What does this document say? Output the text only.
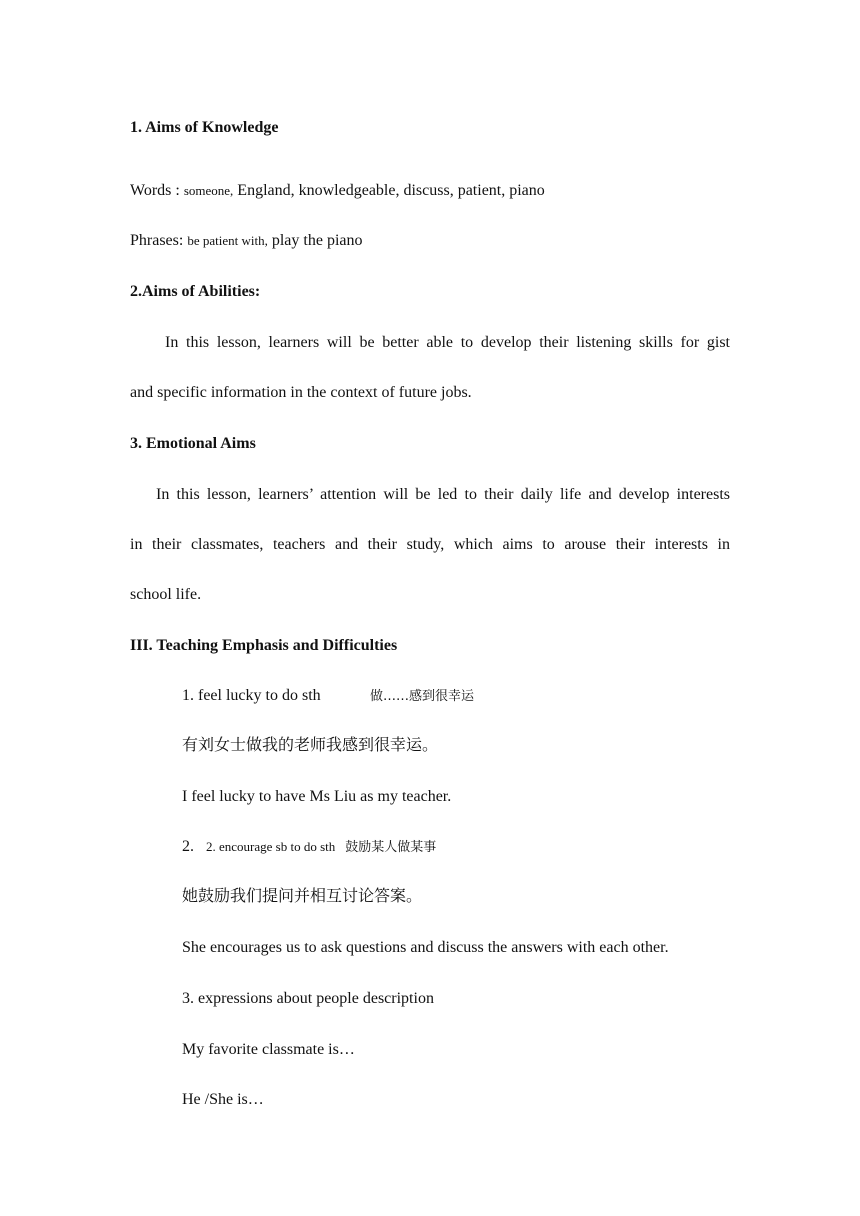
1. Aims of Knowledge
Words : someone, England, knowledgeable, discuss, patient, piano
Phrases: be patient with, play the piano
2.Aims of Abilities:
In this lesson, learners will be better able to develop their listening skills for gist
and specific information in the context of future jobs.
3. Emotional Aims
In this lesson, learners’ attention will be led to their daily life and develop interests
in their classmates, teachers and their study, which aims to arouse their interests in
school life.
III. Teaching Emphasis and Difficulties
1. feel lucky to do sth	做……感到很幸运
有刘女士做我的老师我感到很幸运。
I feel lucky to have Ms Liu as my teacher.
2. 2. encourage sb to do sth 鼓励某人做某事
她鼓励我们提问并相互讨论答案。
She encourages us to ask questions and discuss the answers with each other.
3. expressions about people description
My favorite classmate is…
He /She is…
